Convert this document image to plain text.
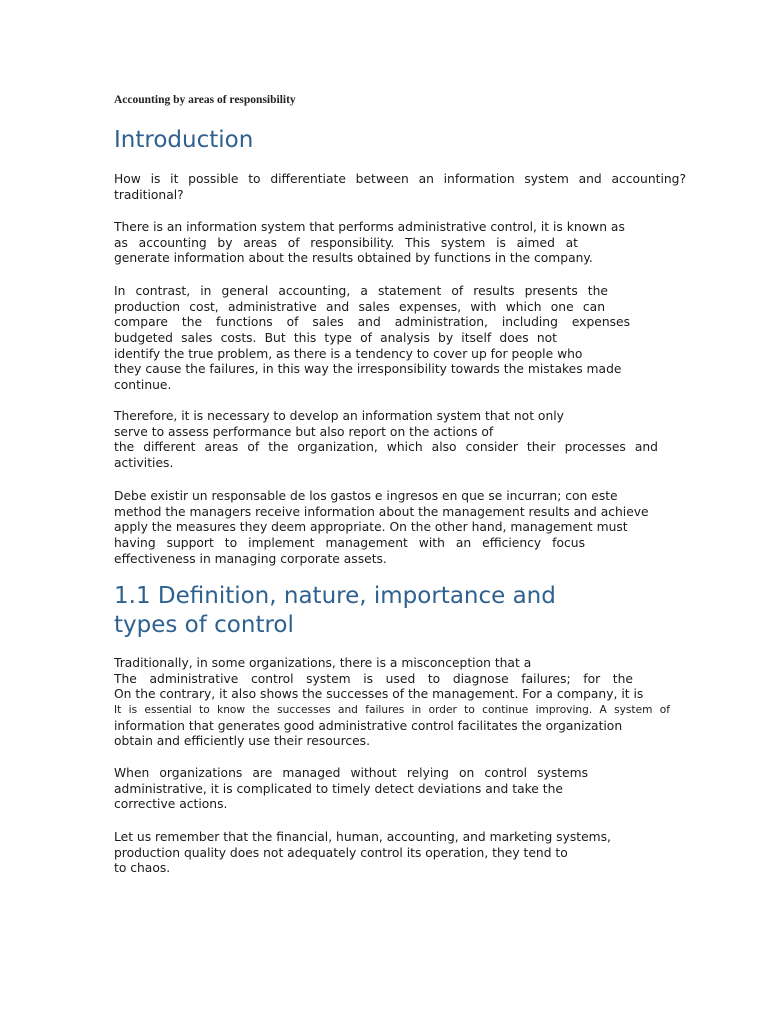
Accounting by areas of responsibility
Introduction
How is it possible to differentiate between an information system and accounting?
traditional?
There is an information system that performs administrative control, it is known as
as accounting by areas of responsibility. This system is aimed at
generate information about the results obtained by functions in the company.
In contrast, in general accounting, a statement of results presents the
production cost, administrative and sales expenses, with which one can
compare the functions of sales and administration, including expenses
budgeted sales costs. But this type of analysis by itself does not
identify the true problem, as there is a tendency to cover up for people who
they cause the failures, in this way the irresponsibility towards the mistakes made
continue.
Therefore, it is necessary to develop an information system that not only
serve to assess performance but also report on the actions of
the different areas of the organization, which also consider their processes and
activities.
Debe existir un responsable de los gastos e ingresos en que se incurran; con este
method the managers receive information about the management results and achieve
apply the measures they deem appropriate. On the other hand, management must
having support to implement management with an efficiency focus
effectiveness in managing corporate assets.
1.1 Definition, nature, importance and
types of control
Traditionally, in some organizations, there is a misconception that a
The administrative control system is used to diagnose failures; for the
On the contrary, it also shows the successes of the management. For a company, it is
It is essential to know the successes and failures in order to continue improving. A system of
information that generates good administrative control facilitates the organization
obtain and efficiently use their resources.
When organizations are managed without relying on control systems
administrative, it is complicated to timely detect deviations and take the
corrective actions.
Let us remember that the financial, human, accounting, and marketing systems,
production quality does not adequately control its operation, they tend to
to chaos.
